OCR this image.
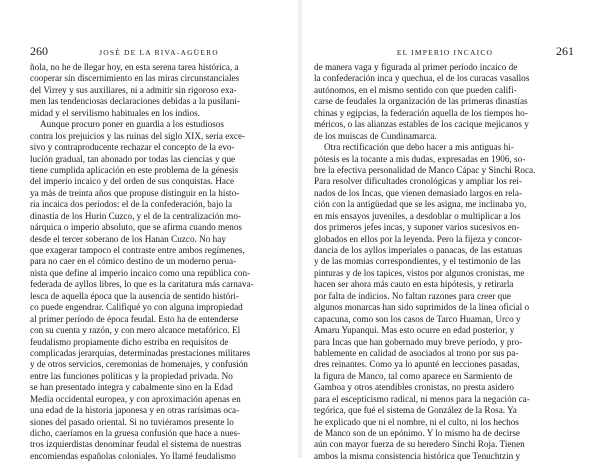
260	JOSÉ DE LA RIVA-AGÜERO
ñola, no he de llegar hoy, en esta serena tarea histórica, a
cooperar sin discernimiento en las miras circunstanciales
del Virrey y sus auxiliares, ni a admitir sin rigoroso exa-
men las tendenciosas declaraciones debidas a la pusilani-
midad y el servilismo habituales en los indios.
Aunque procuro poner en guardia a los estudiosos
contra los prejuicios y las ruinas del siglo XIX, sería exce-
sivo y contraproducente rechazar el concepto de la evo-
lución gradual, tan abonado por todas las ciencias y que
tiene cumplida aplicación en este problema de la génesis
del imperio incaico y del orden de sus conquistas. Hace
ya más de treinta años que propuse distinguir en la histo-
ria incaica dos períodos: el de la confederación, bajo la
dinastía de los Hurin Cuzco, y el de la centralización mo-
nárquica o imperio absoluto, que se afirma cuando menos
desde el tercer soberano de los Hanan Cuzco. No hay
que exagerar tampoco el contraste entre ambos regímenes,
para no caer en el cómico destino de un moderno perua-
nista que define al imperio incaico como una república con-
federada de ayllos libres, lo que es la caritatura más carnava-
lesca de aquella época que la ausencia de sentido históri-
co puede engendrar. Califiqué yo con alguna impropiedad
al primer período de época feudal. Esto ha de entenderse
con su cuenta y razón, y con mero alcance metafórico. El
feudalismo propiamente dicho estriba en requisitos de
complicadas jerarquías, determinadas prestaciones militares
y de otros servicios, ceremonias de homenajes, y confusión
entre las funciones políticas y la propiedad privada. No
se han presentado integra y cabalmente sino en la Edad
Media occidental europea, y con aproximación apenas en
una edad de la historia japonesa y en otras rarísimas oca-
siones del pasado oriental. Si no tuviéramos presente lo
dicho, caeríamos en la gruesa confusión que hace a nues-
tros izquierdistas denominar feudal el sistema de nuestras
encomiendas españolas coloniales. Yo llamé feudalismo
EL IMPERIO INCAICO	261
de manera vaga y figurada al primer período incaico de
la confederación inca y quechua, el de los curacas vasallos
autónomos, en el mismo sentido con que pueden califi-
carse de feudales la organización de las primeras dinastías
chinas y egipcias, la federación aquella de los tiempos ho-
méricos, o las alianzas estables de los cacique mejicanos y
de los muiscas de Cundinamarca.
Otra rectificación que debo hacer a mis antiguas hi-
pótesis es la tocante a mis dudas, expresadas en 1906, so-
bre la efectiva personalidad de Manco Cápac y Sinchi Roca.
Para resolver dificultades cronológicas y ampliar los rei-
nados de los Incas, que vienen demasiado largos en rela-
ción con la antigüedad que se les asigna, me inclinaba yo,
en mis ensayos juveniles, a desdoblar o multiplicar a los
dos primeros jefes incas, y suponer varios sucesivos en-
globados en ellos por la leyenda. Pero la fijeza y concor-
dancia de los ayllos imperiales o panacas, de las estatuas
y de las momias correspondientes, y el testimonio de las
pinturas y de los tapices, vistos por algunos cronistas, me
hacen ser ahora más cauto en esta hipótesis, y retirarla
por falta de indicios. No faltan razones para creer que
algunos monarcas han sido suprimidos de la línea oficial o
capacuna, como son los casos de Tarco Huaman, Urco y
Amaru Yupanqui. Mas esto ocurre en edad posterior, y
para Incas que han gobernado muy breve período, y pro-
bablemente en calidad de asociados al trono por sus pa-
dres reinantes. Como ya lo apunté en lecciones pasadas,
la figura de Manco, tal como aparece en Sarmiento de
Gamboa y otros atendibles cronistas, no presta asidero
para el escepticismo radical, ni menos para la negación ca-
tegórica, que fué el sistema de González de la Rosa. Ya
he explicado que ni el nombre, ni el culto, ni los hechos
de Manco son de un epónimo. Y lo mismo ha de decirse
aún con mayor fuerza de su heredero Sinchi Roja. Tienen
ambos la misma consistencia histórica que Tenuchtzin y
